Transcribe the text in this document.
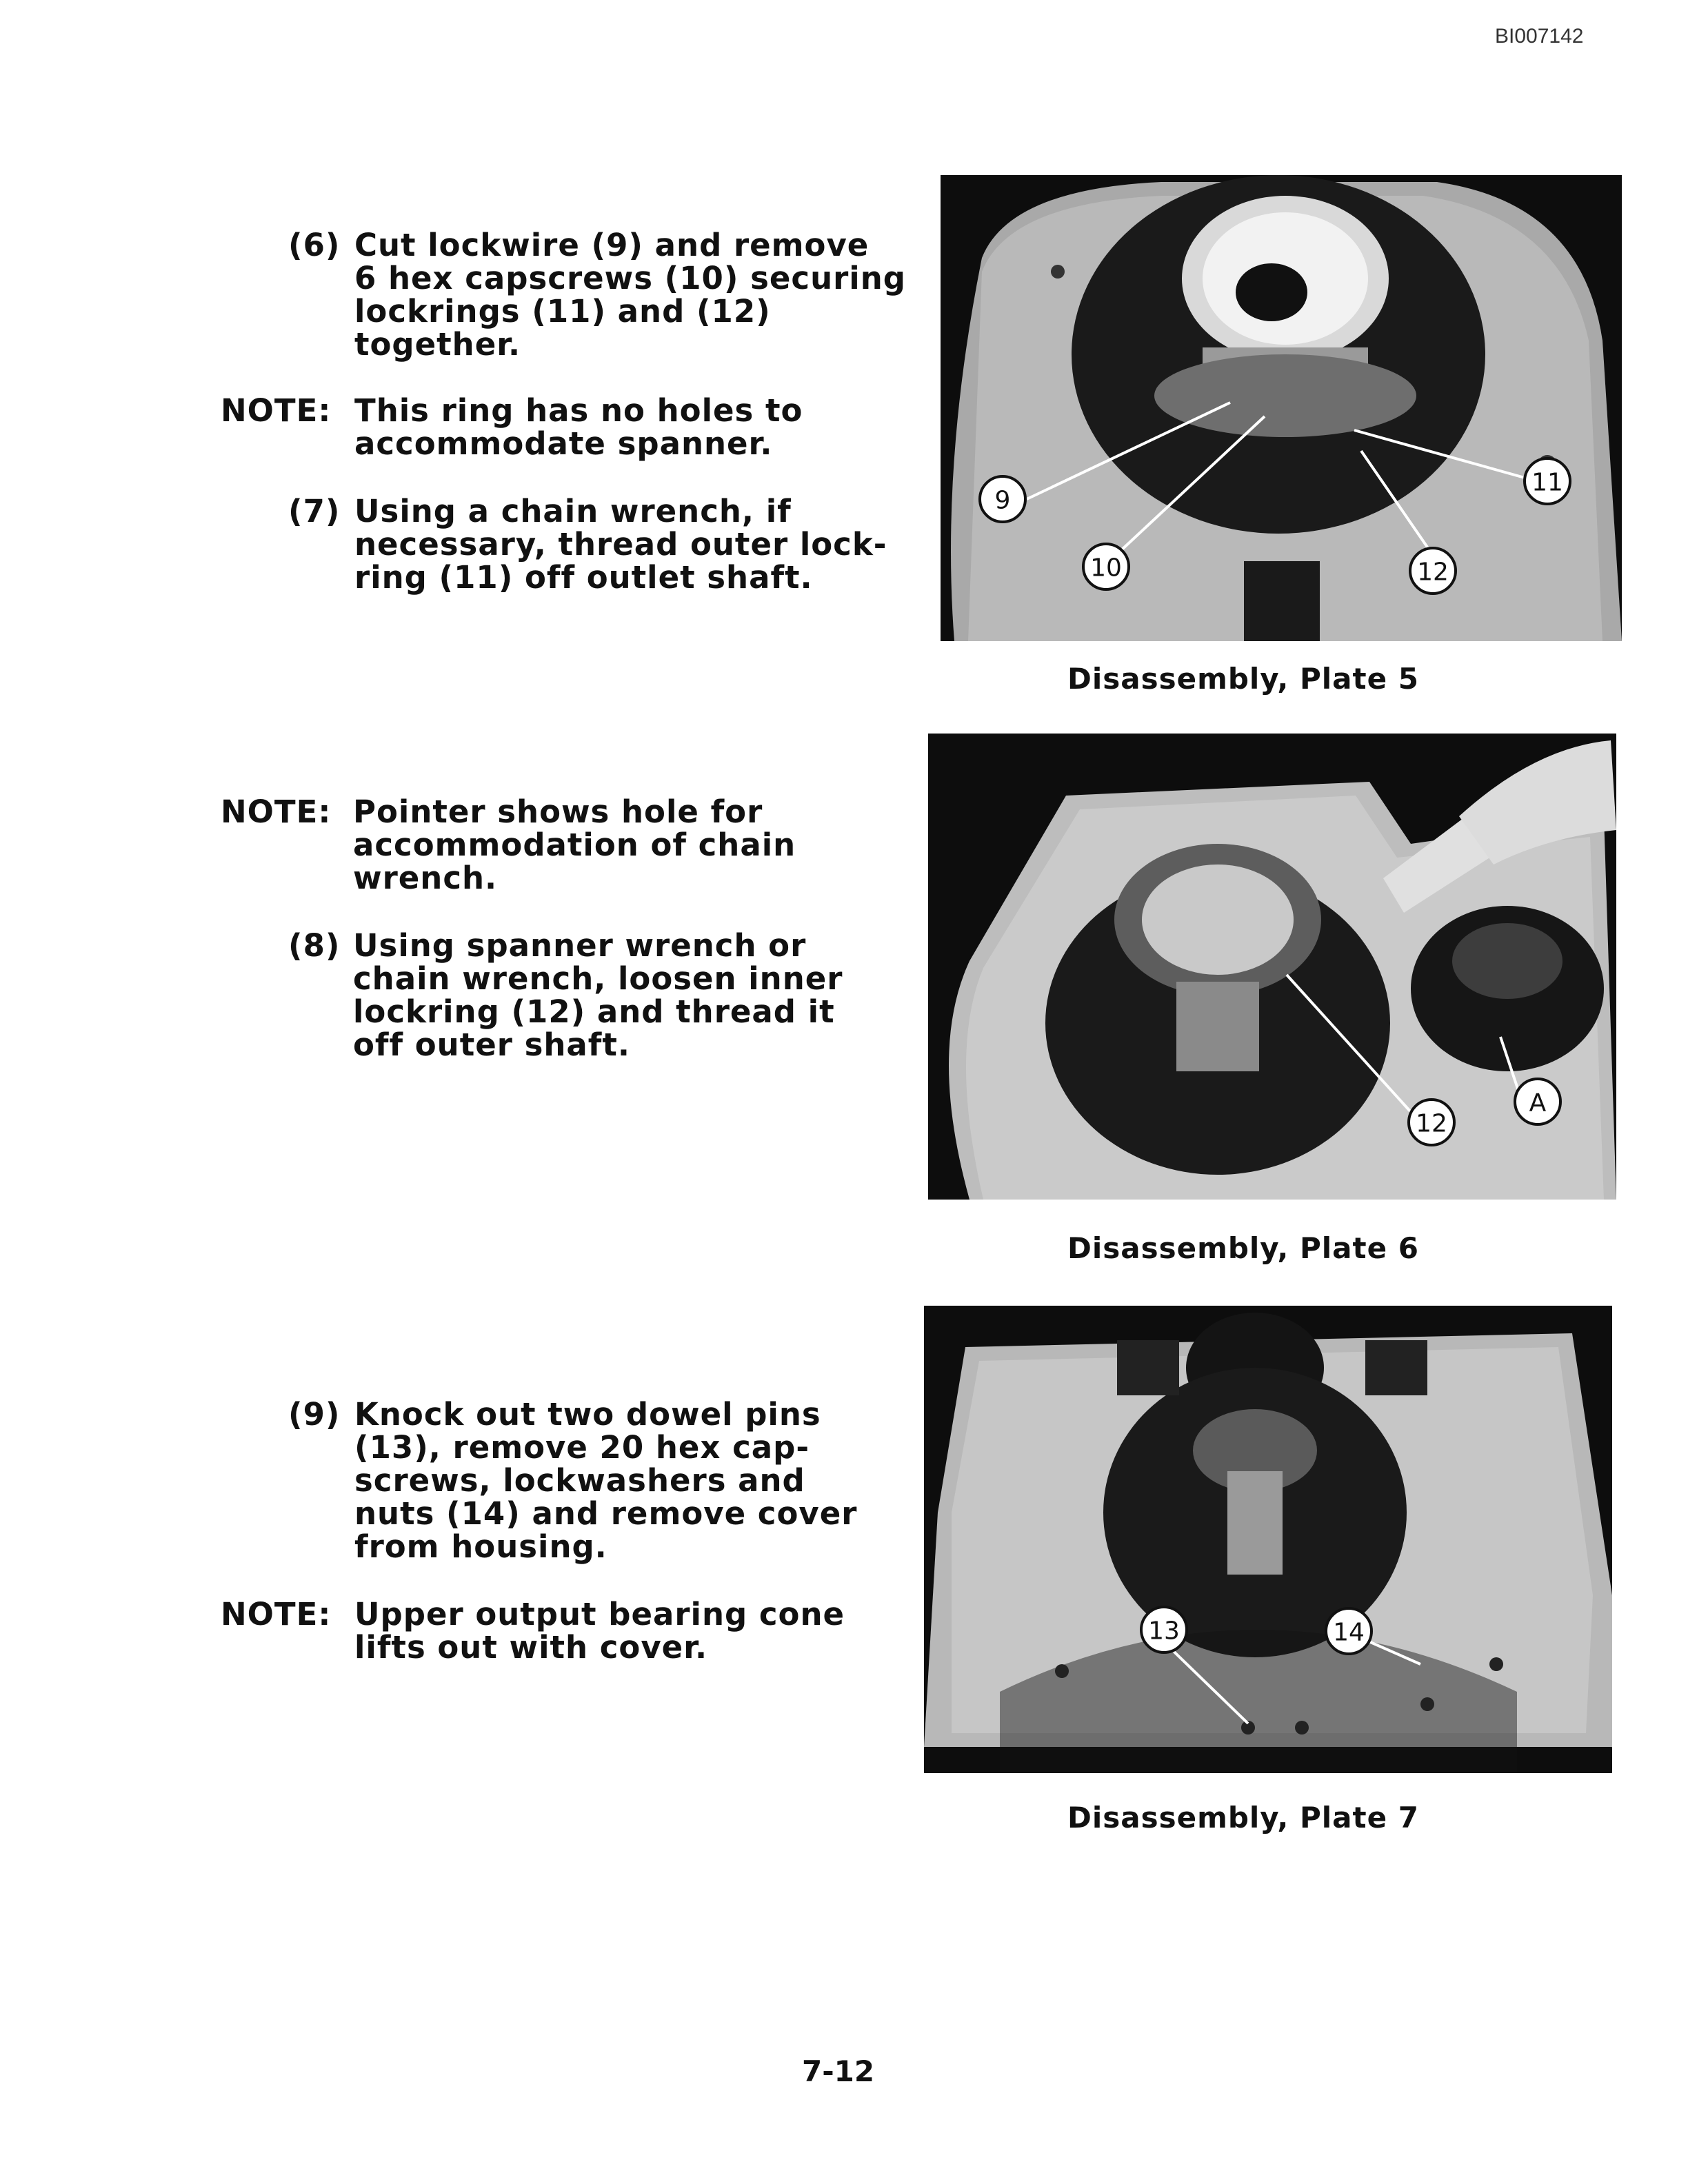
BI007142
(6) Cut lockwire (9) and remove
6 hex capscrews (10) securing
lockrings (11) and (12)
together.
NOTE: This ring has no holes to
accommodate spanner.
(7) Using a chain wrench, if
necessary, thread outer lock-
ring (11) off outlet shaft.
NOTE: Pointer shows hole for
accommodation of chain
wrench.
(8) Using spanner wrench or
chain wrench, loosen inner
lockring (12) and thread it
off outer shaft.
(9) Knock out two dowel pins
(13), remove 20 hex cap-
screws, lockwashers and
nuts (14) and remove cover
from housing.
NOTE: Upper output bearing cone
lifts out with cover.
9
10
11
12
Disassembly, Plate 5
12
A
Disassembly, Plate 6
13	14
Disassembly, Plate 7
7-12
